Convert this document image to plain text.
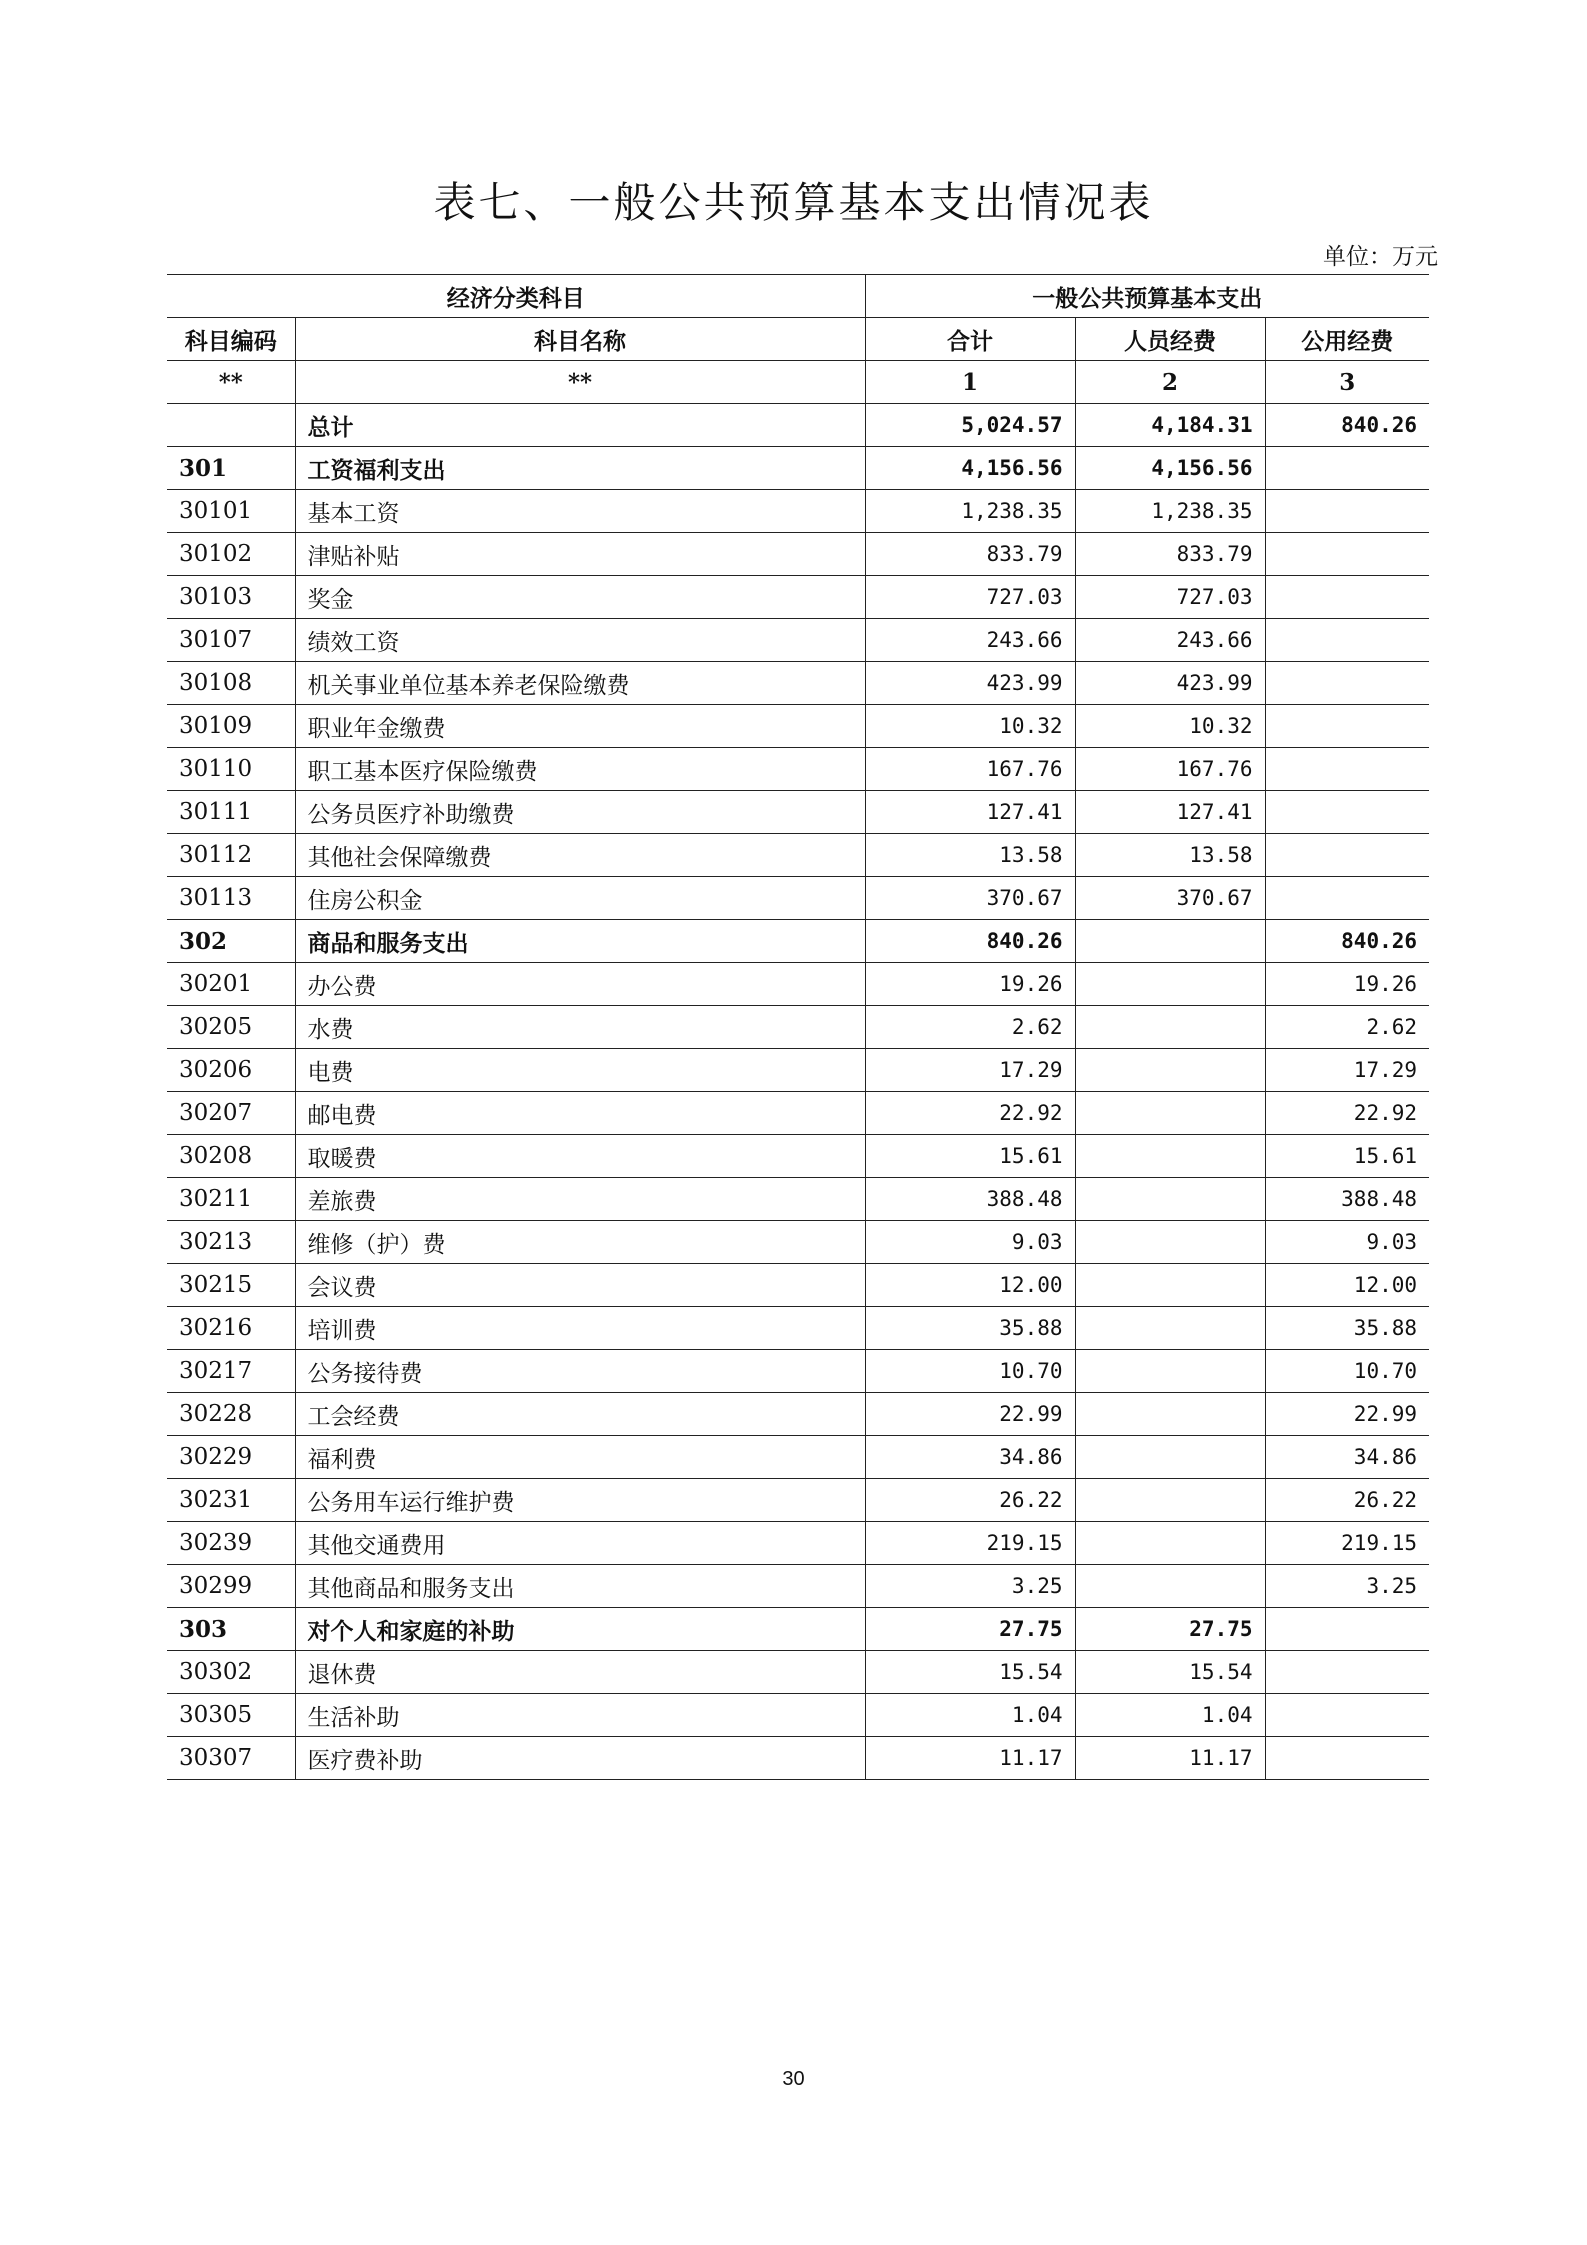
表七、一般公共预算基本支出情况表
单位：万元
经济分类科目		一般公共预算基本支出		
科目编码	科目名称	合计	人员经费	公用经费
**	**	1	2	3
	总计	5,024.57	4,184.31	840.26
301	工资福利支出	4,156.56	4,156.56	
30101	基本工资	1,238.35	1,238.35	
30102	津贴补贴	833.79	833.79	
30103	奖金	727.03	727.03	
30107	绩效工资	243.66	243.66	
30108	机关事业单位基本养老保险缴费	423.99	423.99	
30109	职业年金缴费	10.32	10.32	
30110	职工基本医疗保险缴费	167.76	167.76	
30111	公务员医疗补助缴费	127.41	127.41	
30112	其他社会保障缴费	13.58	13.58	
30113	住房公积金	370.67	370.67	
302	商品和服务支出	840.26		840.26
30201	办公费	19.26		19.26
30205	水费	2.62		2.62
30206	电费	17.29		17.29
30207	邮电费	22.92		22.92
30208	取暖费	15.61		15.61
30211	差旅费	388.48		388.48
30213	维修（护）费	9.03		9.03
30215	会议费	12.00		12.00
30216	培训费	35.88		35.88
30217	公务接待费	10.70		10.70
30228	工会经费	22.99		22.99
30229	福利费	34.86		34.86
30231	公务用车运行维护费	26.22		26.22
30239	其他交通费用	219.15		219.15
30299	其他商品和服务支出	3.25		3.25
303	对个人和家庭的补助	27.75	27.75	
30302	退休费	15.54	15.54	
30305	生活补助	1.04	1.04	
30307	医疗费补助	11.17	11.17	
30
